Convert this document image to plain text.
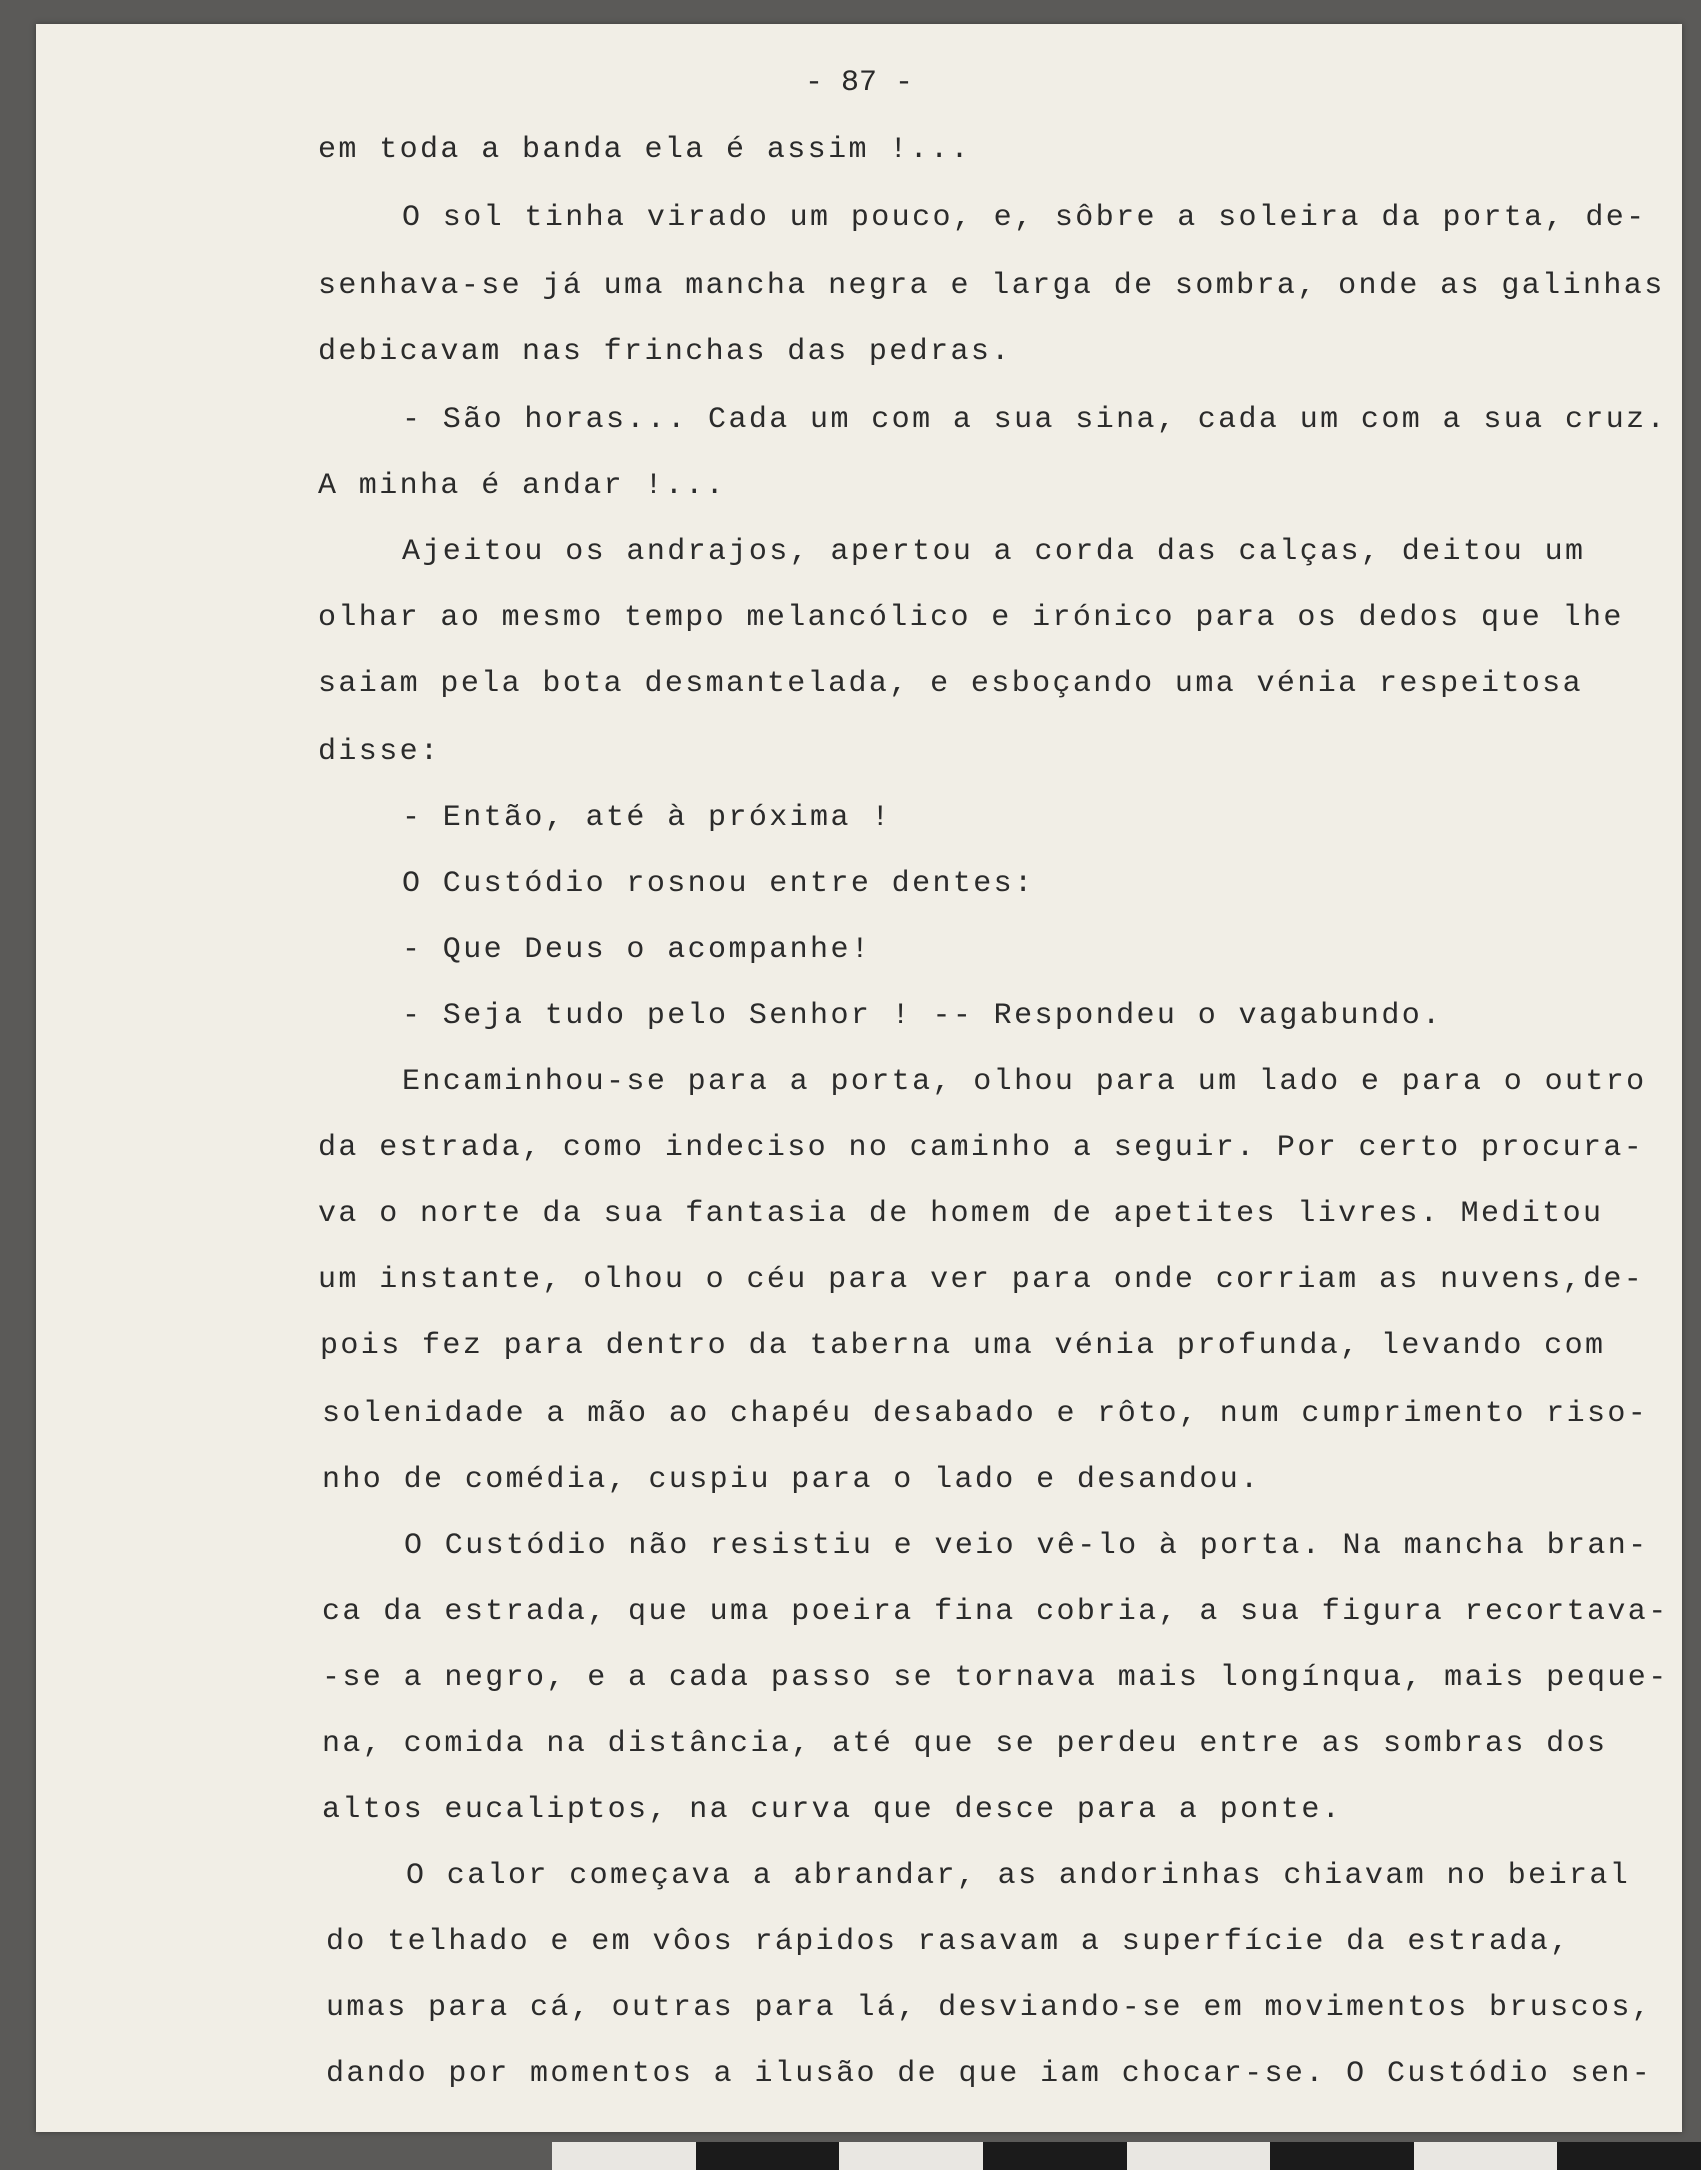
- 87 -
em toda a banda ela é assim !...
O sol tinha virado um pouco, e, sôbre a soleira da porta, de-
senhava-se já uma mancha negra e larga de sombra, onde as galinhas
debicavam nas frinchas das pedras.
- São horas... Cada um com a sua sina, cada um com a sua cruz.
A minha é andar !...
Ajeitou os andrajos, apertou a corda das calças, deitou um
olhar ao mesmo tempo melancólico e irónico para os dedos que lhe
saiam pela bota desmantelada, e esboçando uma vénia respeitosa
disse:
- Então, até à próxima !
O Custódio rosnou entre dentes:
- Que Deus o acompanhe!
- Seja tudo pelo Senhor ! -- Respondeu o vagabundo.
Encaminhou-se para a porta, olhou para um lado e para o outro
da estrada, como indeciso no caminho a seguir. Por certo procura-
va o norte da sua fantasia de homem de apetites livres. Meditou
um instante, olhou o céu para ver para onde corriam as nuvens,de-
pois fez para dentro da taberna uma vénia profunda, levando com
solenidade a mão ao chapéu desabado e rôto, num cumprimento riso-
nho de comédia, cuspiu para o lado e desandou.
O Custódio não resistiu e veio vê-lo à porta. Na mancha bran-
ca da estrada, que uma poeira fina cobria, a sua figura recortava-
-se a negro, e a cada passo se tornava mais longínqua, mais peque-
na, comida na distância, até que se perdeu entre as sombras dos
altos eucaliptos, na curva que desce para a ponte.
O calor começava a abrandar, as andorinhas chiavam no beiral
do telhado e em vôos rápidos rasavam a superfície da estrada,
umas para cá, outras para lá, desviando-se em movimentos bruscos,
dando por momentos a ilusão de que iam chocar-se. O Custódio sen-
